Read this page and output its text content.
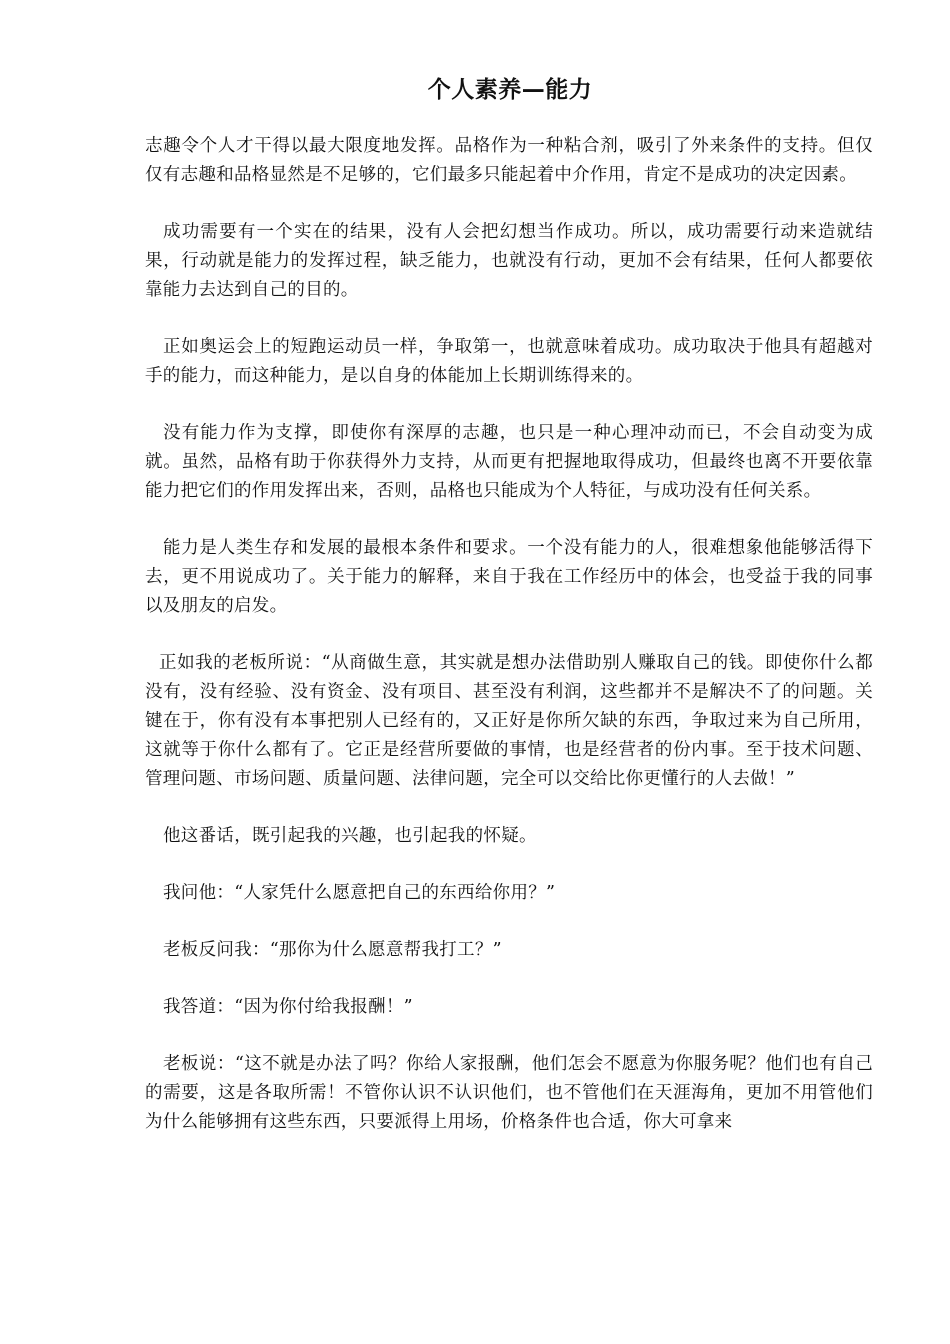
个人素养—能力

志趣令个人才干得以最大限度地发挥。品格作为一种粘合剂，吸引了外来条件的支持。但仅仅有志趣和品格显然是不足够的，它们最多只能起着中介作用，肯定不是成功的决定因素。

成功需要有一个实在的结果，没有人会把幻想当作成功。所以，成功需要行动来造就结果，行动就是能力的发挥过程，缺乏能力，也就没有行动，更加不会有结果，任何人都要依靠能力去达到自己的目的。

正如奥运会上的短跑运动员一样，争取第一，也就意味着成功。成功取决于他具有超越对手的能力，而这种能力，是以自身的体能加上长期训练得来的。

没有能力作为支撑，即使你有深厚的志趣，也只是一种心理冲动而已，不会自动变为成就。虽然，品格有助于你获得外力支持，从而更有把握地取得成功，但最终也离不开要依靠能力把它们的作用发挥出来，否则，品格也只能成为个人特征，与成功没有任何关系。

能力是人类生存和发展的最根本条件和要求。一个没有能力的人，很难想象他能够活得下去，更不用说成功了。关于能力的解释，来自于我在工作经历中的体会，也受益于我的同事以及朋友的启发。

正如我的老板所说：“从商做生意，其实就是想办法借助别人赚取自己的钱。即使你什么都没有，没有经验、没有资金、没有项目、甚至没有利润，这些都并不是解决不了的问题。关键在于，你有没有本事把别人已经有的，又正好是你所欠缺的东西，争取过来为自己所用，这就等于你什么都有了。它正是经营所要做的事情，也是经营者的份内事。至于技术问题、管理问题、市场问题、质量问题、法律问题，完全可以交给比你更懂行的人去做！”

他这番话，既引起我的兴趣，也引起我的怀疑。

我问他：“人家凭什么愿意把自己的东西给你用？”

老板反问我：“那你为什么愿意帮我打工？”

我答道：“因为你付给我报酬！”

老板说：“这不就是办法了吗？你给人家报酬，他们怎会不愿意为你服务呢？他们也有自己的需要，这是各取所需！不管你认识不认识他们，也不管他们在天涯海角，更加不用管他们为什么能够拥有这些东西，只要派得上用场，价格条件也合适，你大可拿来
